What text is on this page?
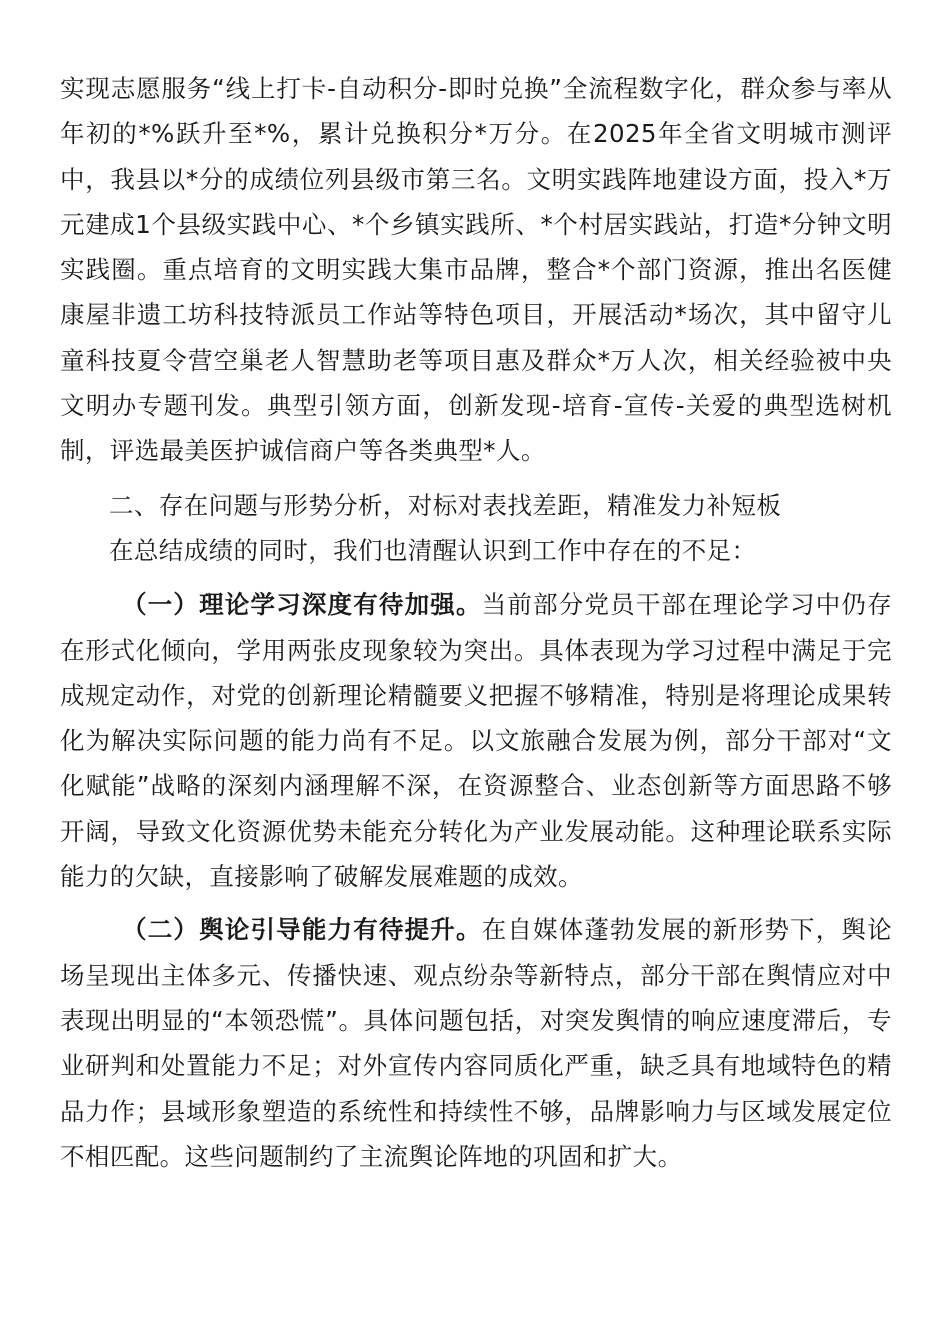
实现志愿服务“线上打卡-自动积分-即时兑换”全流程数字化，群众参与率从年初的*%跃升至*%，累计兑换积分*万分。在2025年全省文明城市测评中，我县以*分的成绩位列县级市第三名。文明实践阵地建设方面，投入*万元建成1个县级实践中心、*个乡镇实践所、*个村居实践站，打造*分钟文明实践圈。重点培育的文明实践大集市品牌，整合*个部门资源，推出名医健康屋非遗工坊科技特派员工作站等特色项目，开展活动*场次，其中留守儿童科技夏令营空巢老人智慧助老等项目惠及群众*万人次，相关经验被中央文明办专题刊发。典型引领方面，创新发现-培育-宣传-关爱的典型选树机制，评选最美医护诚信商户等各类典型*人。

二、存在问题与形势分析，对标对表找差距，精准发力补短板

在总结成绩的同时，我们也清醒认识到工作中存在的不足：

（一）理论学习深度有待加强。当前部分党员干部在理论学习中仍存在形式化倾向，学用两张皮现象较为突出。具体表现为学习过程中满足于完成规定动作，对党的创新理论精髓要义把握不够精准，特别是将理论成果转化为解决实际问题的能力尚有不足。以文旅融合发展为例，部分干部对“文化赋能”战略的深刻内涵理解不深，在资源整合、业态创新等方面思路不够开阔，导致文化资源优势未能充分转化为产业发展动能。这种理论联系实际能力的欠缺，直接影响了破解发展难题的成效。

（二）舆论引导能力有待提升。在自媒体蓬勃发展的新形势下，舆论场呈现出主体多元、传播快速、观点纷杂等新特点，部分干部在舆情应对中表现出明显的“本领恐慌”。具体问题包括，对突发舆情的响应速度滞后，专业研判和处置能力不足；对外宣传内容同质化严重，缺乏具有地域特色的精品力作；县域形象塑造的系统性和持续性不够，品牌影响力与区域发展定位不相匹配。这些问题制约了主流舆论阵地的巩固和扩大。
